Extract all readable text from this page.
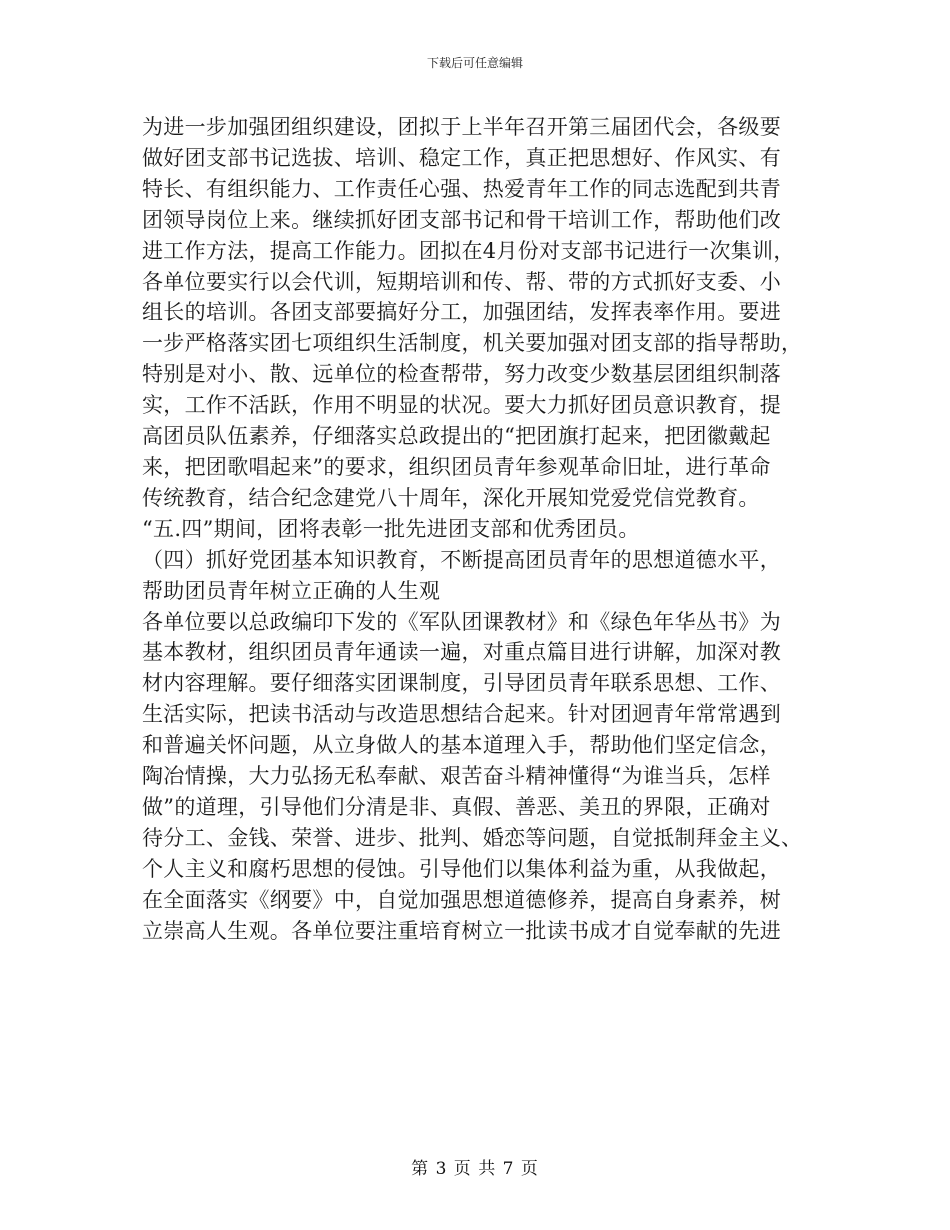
下载后可任意编辑
为进一步加强团组织建设，团拟于上半年召开第三届团代会，各级要
做好团支部书记选拔、培训、稳定工作，真正把思想好、作风实、有
特长、有组织能力、工作责任心强、热爱青年工作的同志选配到共青
团领导岗位上来。继续抓好团支部书记和骨干培训工作，帮助他们改
进工作方法，提高工作能力。团拟在4月份对支部书记进行一次集训，
各单位要实行以会代训，短期培训和传、帮、带的方式抓好支委、小
组长的培训。各团支部要搞好分工，加强团结，发挥表率作用。要进
一步严格落实团七项组织生活制度，机关要加强对团支部的指导帮助，
特别是对小、散、远单位的检查帮带，努力改变少数基层团组织制落
实，工作不活跃，作用不明显的状况。要大力抓好团员意识教育，提
高团员队伍素养，仔细落实总政提出的“把团旗打起来，把团徽戴起
来，把团歌唱起来”的要求，组织团员青年参观革命旧址，进行革命
传统教育，结合纪念建党八十周年，深化开展知党爱党信党教育。
“五.四”期间，团将表彰一批先进团支部和优秀团员。
（四）抓好党团基本知识教育，不断提高团员青年的思想道德水平，
帮助团员青年树立正确的人生观
各单位要以总政编印下发的《军队团课教材》和《绿色年华丛书》为
基本教材，组织团员青年通读一遍，对重点篇目进行讲解，加深对教
材内容理解。要仔细落实团课制度，引导团员青年联系思想、工作、
生活实际，把读书活动与改造思想结合起来。针对团迥青年常常遇到
和普遍关怀问题，从立身做人的基本道理入手，帮助他们坚定信念，
陶冶情操，大力弘扬无私奉献、艰苦奋斗精神懂得“为谁当兵，怎样
做”的道理，引导他们分清是非、真假、善恶、美丑的界限，正确对
待分工、金钱、荣誉、进步、批判、婚恋等问题，自觉抵制拜金主义、
个人主义和腐朽思想的侵蚀。引导他们以集体利益为重，从我做起，
在全面落实《纲要》中，自觉加强思想道德修养，提高自身素养，树
立崇高人生观。各单位要注重培育树立一批读书成才自觉奉献的先进
第 3 页 共 7 页
